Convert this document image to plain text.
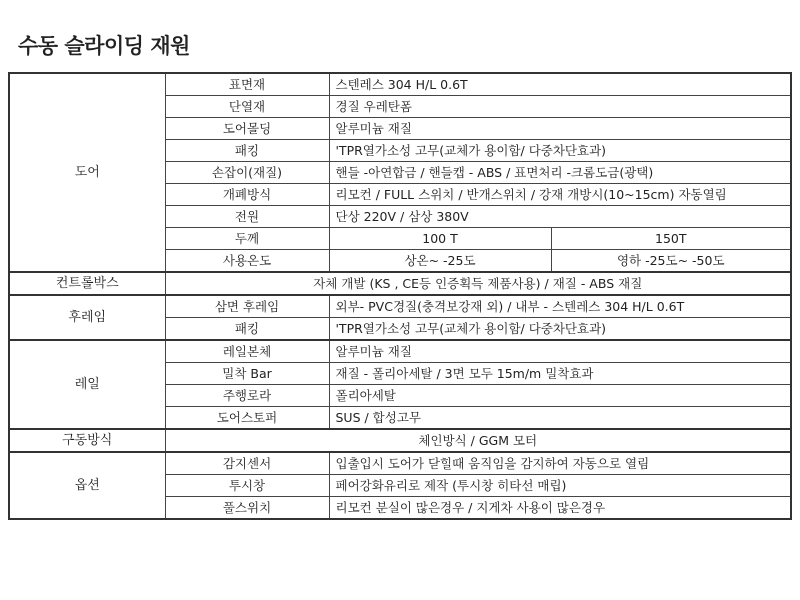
수동 슬라이딩 재원
도어	표면재	스텐레스 304 H/L 0.6T	
	단열재	경질 우레탄폼	
	도어몰딩	알루미늄 재질	
	패킹	'TPR열가소성 고무(교체가 용이함/ 다중차단효과)	
	손잡이(재질)	핸들 -아연합금 / 핸들캡 - ABS / 표면처리 -크롬도금(광택)	
	개폐방식	리모컨 / FULL 스위치 / 반개스위치 / 강재 개방시(10~15cm) 자동열림	
	전원	단상 220V / 삼상 380V	
	두께	100 T	150T
	사용온도	상온~ -25도	영하 -25도~ -50도
컨트롤박스	자체 개발 (KS , CE등 인증획득 제품사용) / 재질 - ABS 재질		
후레임	삼면 후레임	외부- PVC경질(충격보강재 외) / 내부 - 스텐레스 304 H/L 0.6T	
	패킹	'TPR열가소성 고무(교체가 용이함/ 다중차단효과)	
레일	레일본체	알루미늄 재질	
	밀착 Bar	재질 - 폴리아세탈 / 3면 모두 15m/m 밀착효과	
	주행로라	폴리아세탈	
	도어스토퍼	SUS / 합성고무	
구동방식	체인방식 / GGM 모터		
옵션	감지센서	입출입시 도어가 닫힐때 움직임을 감지하여 자동으로 열림	
	투시창	페어강화유리로 제작 (투시창 히타선 매립)	
	풀스위치	리모컨 분실이 많은경우 / 지게차 사용이 많은경우	
